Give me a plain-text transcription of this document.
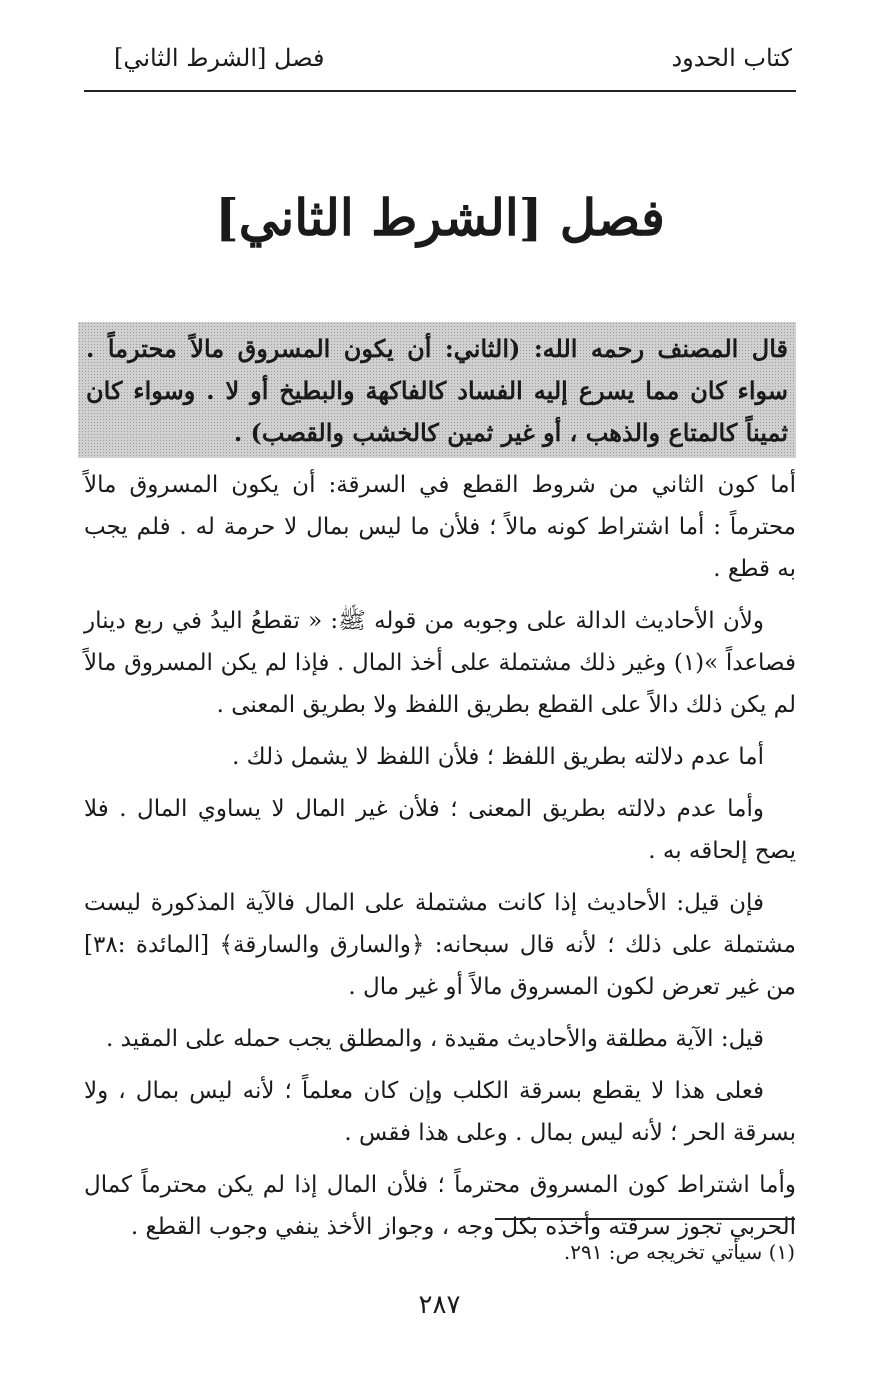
كتاب الحدود
فصل [الشرط الثاني]
فصل [الشرط الثاني]
قال المصنف رحمه الله: (الثاني: أن يكون المسروق مالاً محترماً . سواء كان مما يسرع إليه الفساد كالفاكهة والبطيخ أو لا . وسواء كان ثميناً كالمتاع والذهب ، أو غير ثمين كالخشب والقصب) .

أما كون الثاني من شروط القطع في السرقة: أن يكون المسروق مالاً محترماً : أما اشتراط كونه مالاً ؛ فلأن ما ليس بمال لا حرمة له . فلم يجب به قطع .

ولأن الأحاديث الدالة على وجوبه من قوله ﷺ: « تقطعُ اليدُ في ربع دينار فصاعداً »(١) وغير ذلك مشتملة على أخذ المال . فإذا لم يكن المسروق مالاً لم يكن ذلك دالاً على القطع بطريق اللفظ ولا بطريق المعنى .

أما عدم دلالته بطريق اللفظ ؛ فلأن اللفظ لا يشمل ذلك .

وأما عدم دلالته بطريق المعنى ؛ فلأن غير المال لا يساوي المال . فلا يصح إلحاقه به .

فإن قيل: الأحاديث إذا كانت مشتملة على المال فالآية المذكورة ليست مشتملة على ذلك ؛ لأنه قال سبحانه: ﴿والسارق والسارقة﴾ [المائدة :٣٨] من غير تعرض لكون المسروق مالاً أو غير مال .

قيل: الآية مطلقة والأحاديث مقيدة ، والمطلق يجب حمله على المقيد .

فعلى هذا لا يقطع بسرقة الكلب وإن كان معلماً ؛ لأنه ليس بمال ، ولا بسرقة الحر ؛ لأنه ليس بمال . وعلى هذا فقس .

وأما اشتراط كون المسروق محترماً ؛ فلأن المال إذا لم يكن محترماً كمال الحربي تجوز سرقته وأخذه بكل وجه ، وجواز الأخذ ينفي وجوب القطع .

(١) سيأتي تخريجه ص: ٢٩١.
٢٨٧
